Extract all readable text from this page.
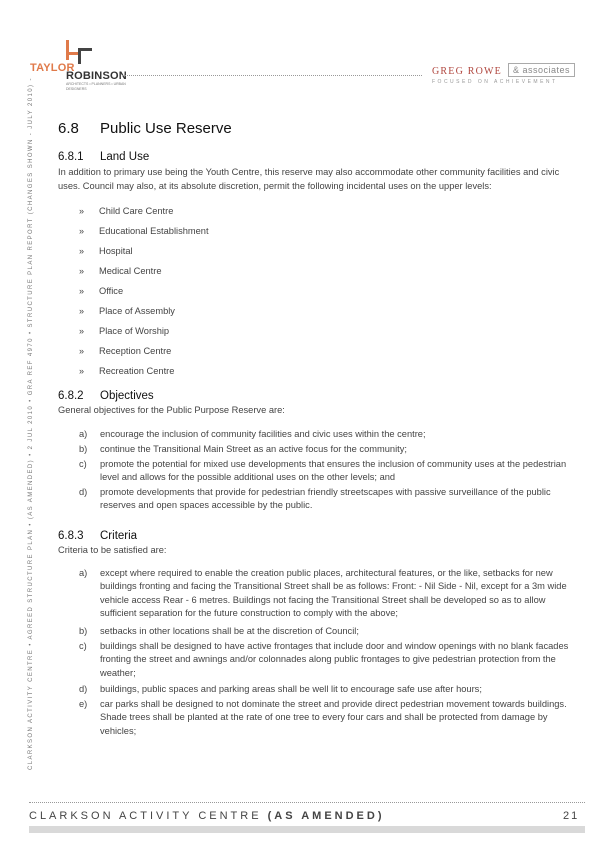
TAYLOR
ROBINSON
ARCHITECTS • PLANNERS • URBAN DESIGNERS
GREG ROWE	& associates
FOCUSED ON ACHIEVEMENT
CLARKSON ACTIVITY CENTRE • AGREED STRUCTURE PLAN • (AS AMENDED) • 2 JUL 2010 • GRA REF 4970 • STRUCTURE PLAN REPORT (CHANGES SHOWN - JULY 2010) - 6.8 Public Use Reserve
6.8.1 Land Use
In addition to primary use being the Youth Centre, this reserve may also accommodate other community facilities and civic uses. Council may also, at its absolute discretion, permit the following incidental uses on the upper levels:
» Child Care Centre
» Educational Establishment
» Hospital
» Medical Centre
» Office
» Place of Assembly
» Place of Worship
» Reception Centre
» Recreation Centre
6.8.2 Objectives
General objectives for the Public Purpose Reserve are:
a) encourage the inclusion of community facilities and civic uses within the centre;
b) continue the Transitional Main Street as an active focus for the community;
c) promote the potential for mixed use developments that ensures the inclusion of community uses at the pedestrian level and allows for the possible additional uses on the other levels; and
d) promote developments that provide for pedestrian friendly streetscapes with passive surveillance of the public reserves and open spaces accessible by the public.
6.8.3 Criteria
Criteria to be satisfied are:
a) except where required to enable the creation public places, architectural features, or the like, setbacks for new buildings fronting and facing the Transitional Street shall be as follows: Front: - Nil Side - Nil, except for a 3m wide vehicle access Rear - 6 metres. Buildings not facing the Transitional Street shall be developed so as to allow sufficient separation for the future construction to comply with the above;
b) setbacks in other locations shall be at the discretion of Council;
c) buildings shall be designed to have active frontages that include door and window openings with no blank facades fronting the street and awnings and/or colonnades along public frontages to give pedestrian protection from the weather;
d) buildings, public spaces and parking areas shall be well lit to encourage safe use after hours;
e) car parks shall be designed to not dominate the street and provide direct pedestrian movement towards buildings. Shade trees shall be planted at the rate of one tree to every four cars and shall be protected from damage by vehicles;
CLARKSON ACTIVITY CENTRE (AS AMENDED)	21
